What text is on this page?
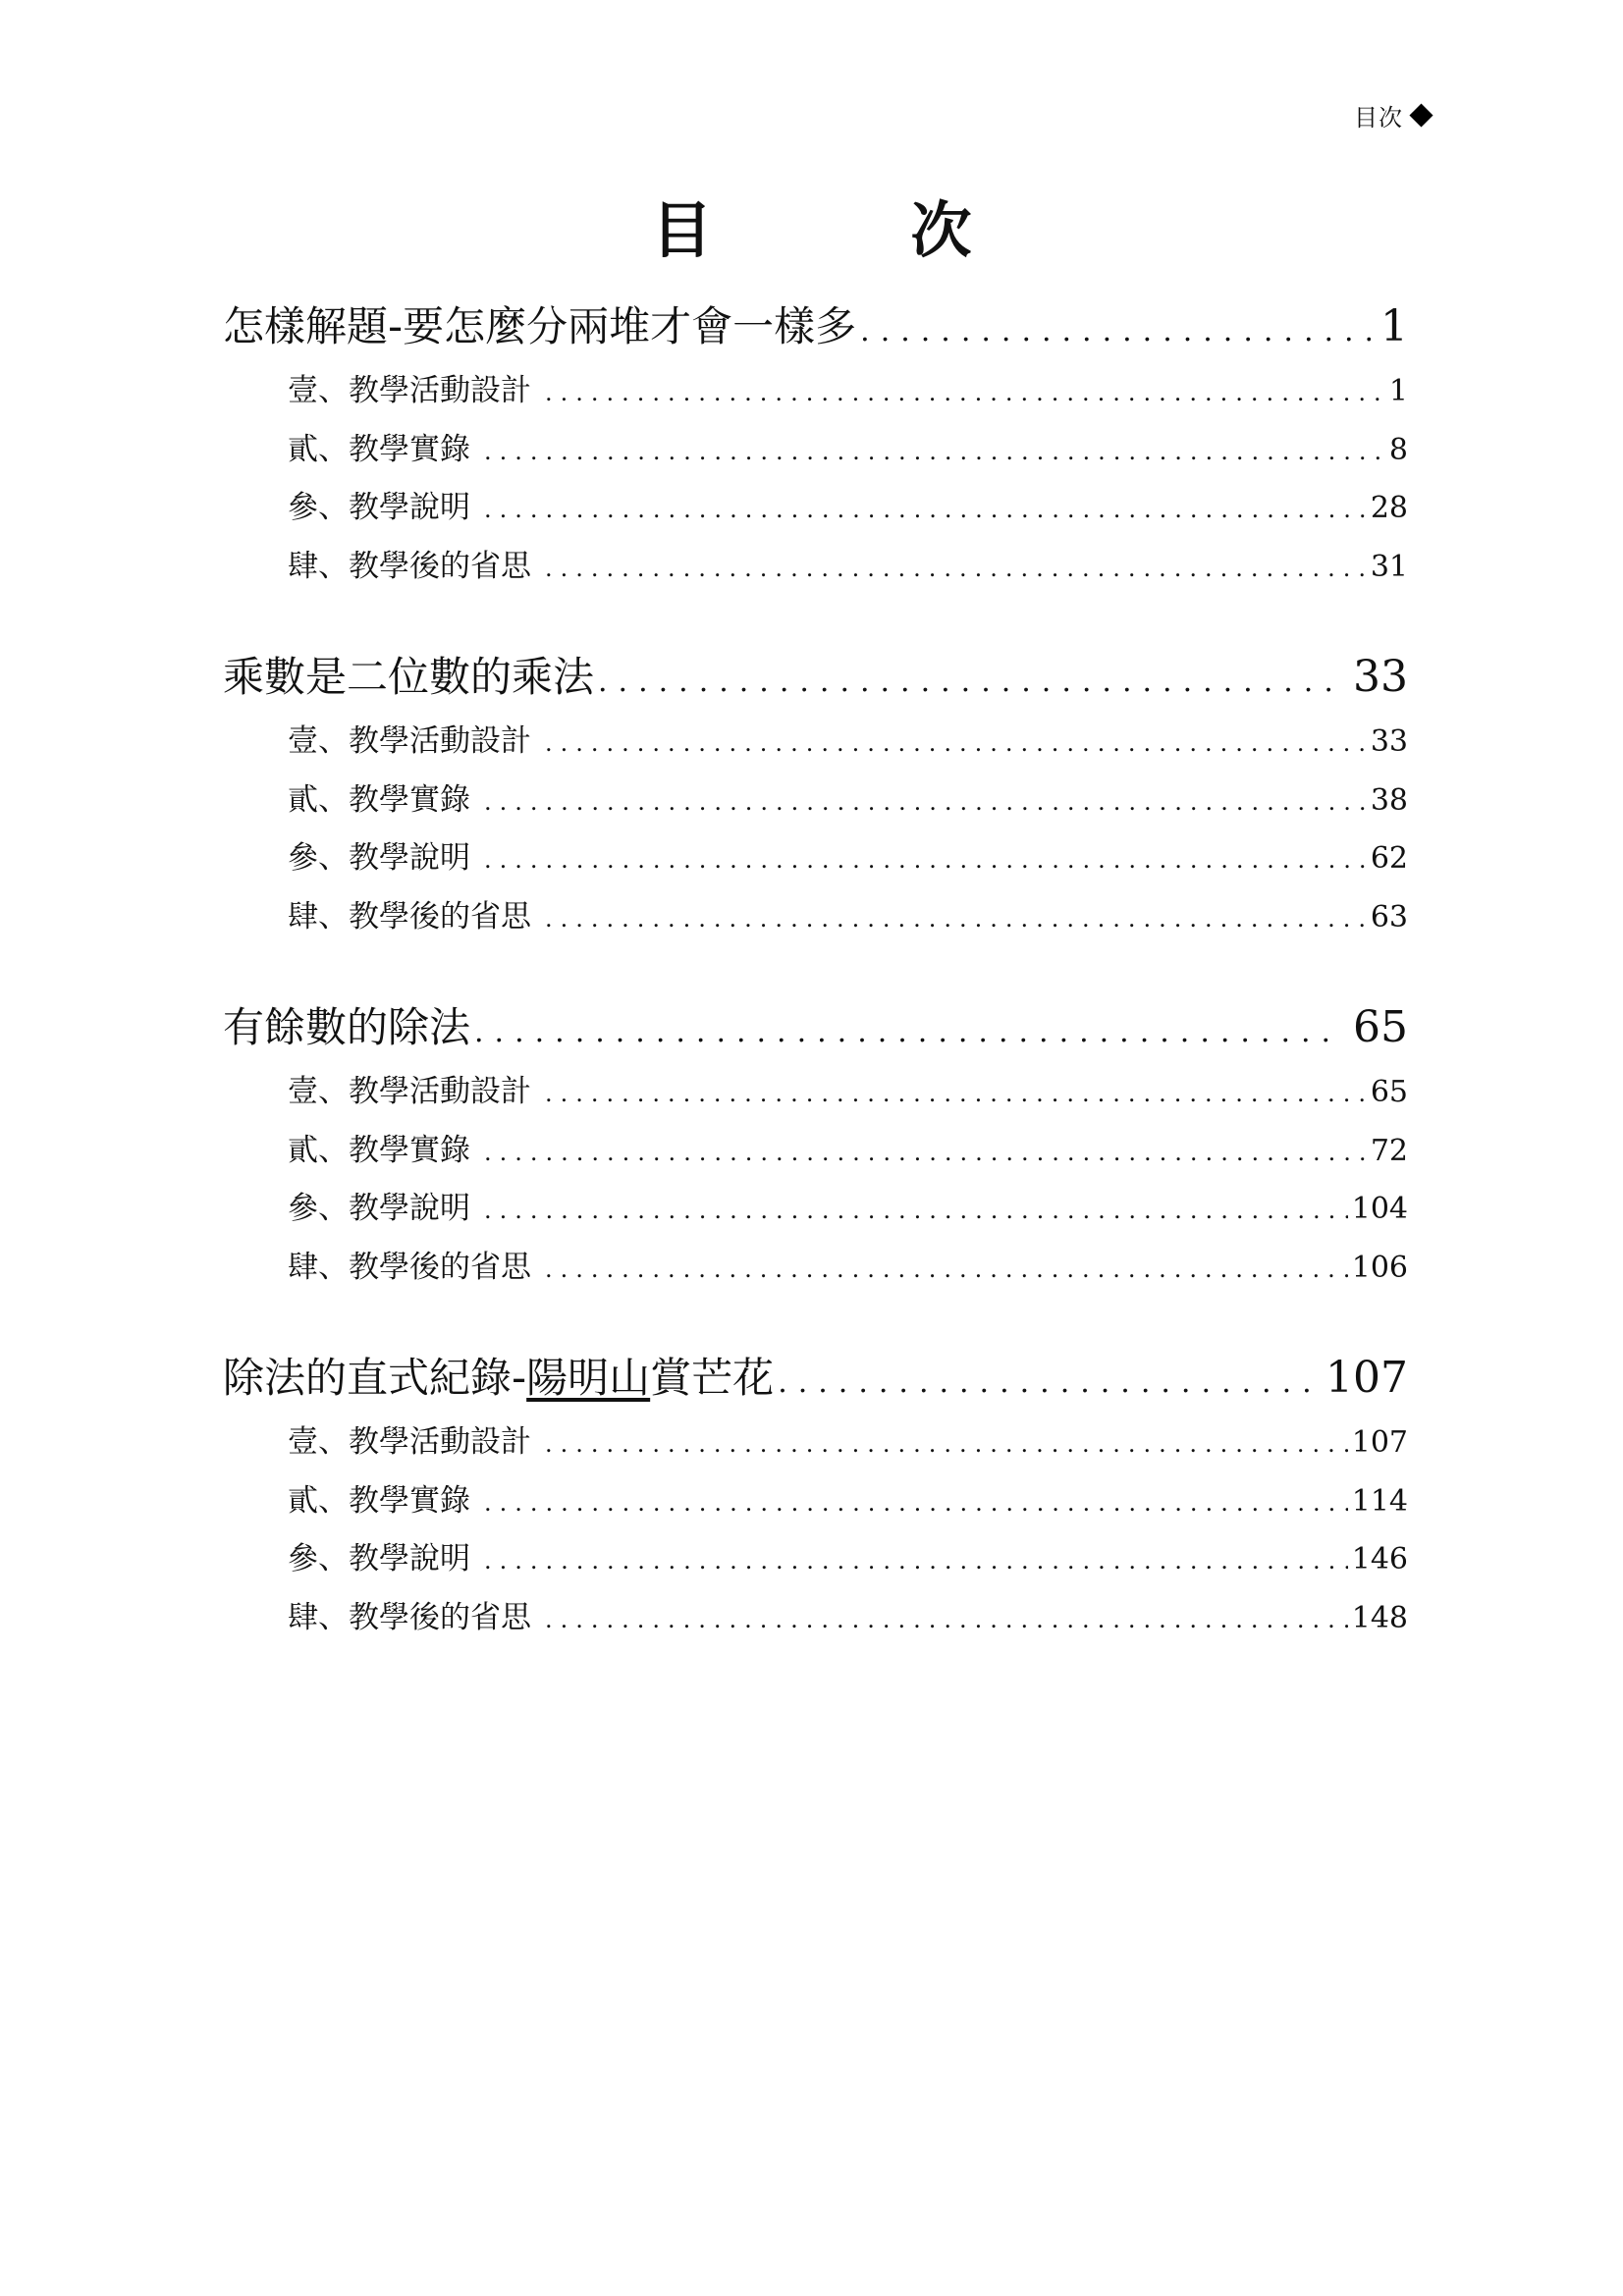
目次
目　次
怎樣解題-要怎麼分兩堆才會一樣多 .....	1
壹、教學活動設計 .....	1
貳、教學實錄 .....	8
參、教學說明 .....	28
肆、教學後的省思 .....	31
乘數是二位數的乘法 .....	33
壹、教學活動設計 .....	33
貳、教學實錄 .....	38
參、教學說明 .....	62
肆、教學後的省思 .....	63
有餘數的除法 .....	65
壹、教學活動設計 .....	65
貳、教學實錄 .....	72
參、教學說明 .....	104
肆、教學後的省思 .....	106
除法的直式紀錄-陽明山賞芒花 .....	107
壹、教學活動設計 .....	107
貳、教學實錄 .....	114
參、教學說明 .....	146
肆、教學後的省思 .....	148
